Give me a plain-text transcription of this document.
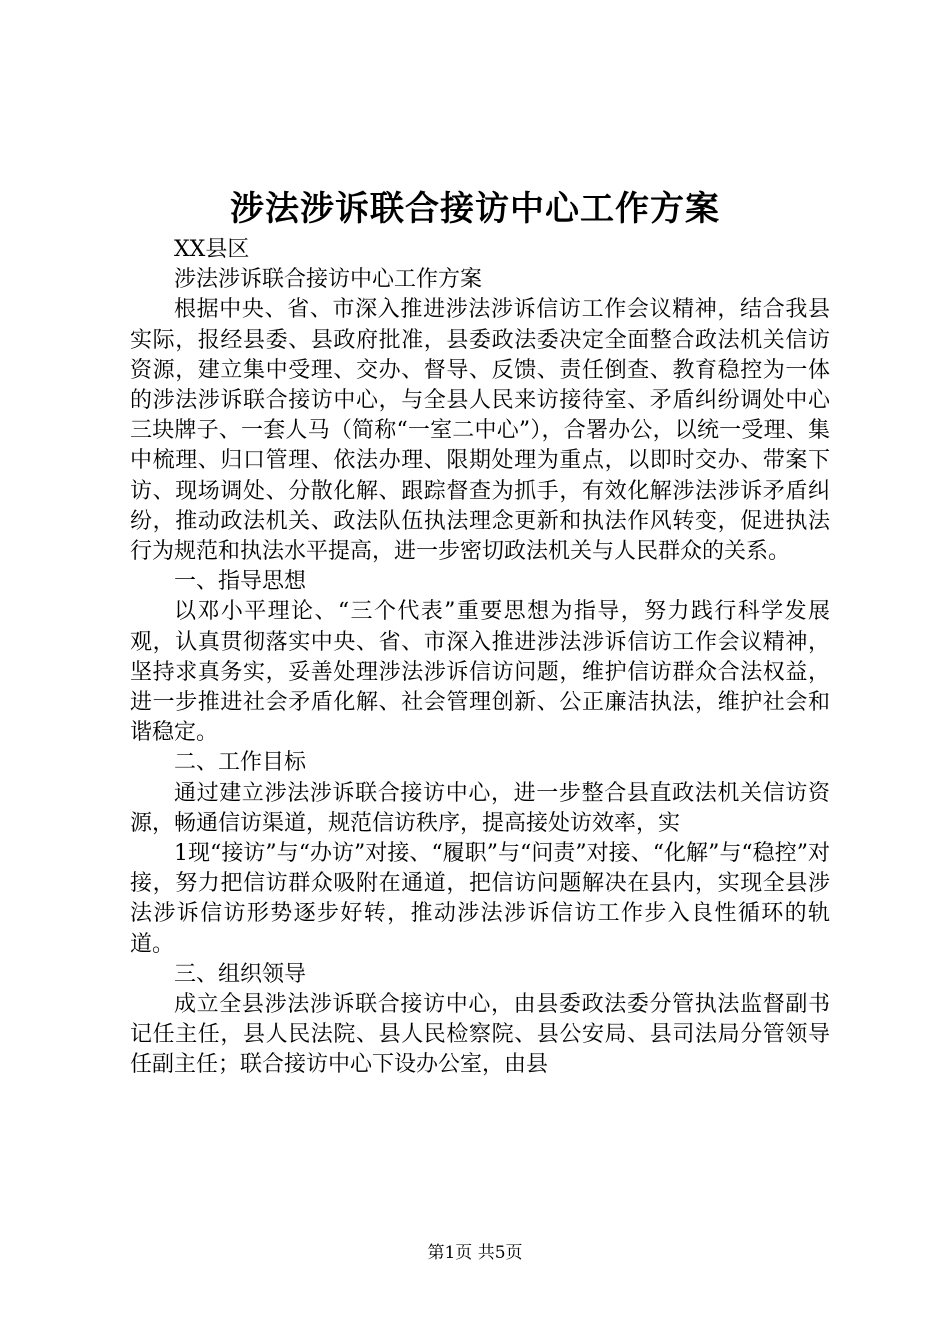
涉法涉诉联合接访中心工作方案

XX县区

涉法涉诉联合接访中心工作方案

根据中央、省、市深入推进涉法涉诉信访工作会议精神，结合我县实际，报经县委、县政府批准，县委政法委决定全面整合政法机关信访资源，建立集中受理、交办、督导、反馈、责任倒查、教育稳控为一体的涉法涉诉联合接访中心，与全县人民来访接待室、矛盾纠纷调处中心三块牌子、一套人马（简称“一室二中心”），合署办公，以统一受理、集中梳理、归口管理、依法办理、限期处理为重点，以即时交办、带案下访、现场调处、分散化解、跟踪督查为抓手，有效化解涉法涉诉矛盾纠纷，推动政法机关、政法队伍执法理念更新和执法作风转变，促进执法行为规范和执法水平提高，进一步密切政法机关与人民群众的关系。

一、指导思想

以邓小平理论、“三个代表”重要思想为指导，努力践行科学发展观，认真贯彻落实中央、省、市深入推进涉法涉诉信访工作会议精神，坚持求真务实，妥善处理涉法涉诉信访问题，维护信访群众合法权益，进一步推进社会矛盾化解、社会管理创新、公正廉洁执法，维护社会和谐稳定。

二、工作目标

通过建立涉法涉诉联合接访中心，进一步整合县直政法机关信访资源，畅通信访渠道，规范信访秩序，提高接处访效率，实

1现“接访”与“办访”对接、“履职”与“问责”对接、“化解”与“稳控”对接，努力把信访群众吸附在通道，把信访问题解决在县内，实现全县涉法涉诉信访形势逐步好转，推动涉法涉诉信访工作步入良性循环的轨道。

三、组织领导

成立全县涉法涉诉联合接访中心，由县委政法委分管执法监督副书记任主任，县人民法院、县人民检察院、县公安局、县司法局分管领导任副主任；联合接访中心下设办公室，由县

第1页 共5页
